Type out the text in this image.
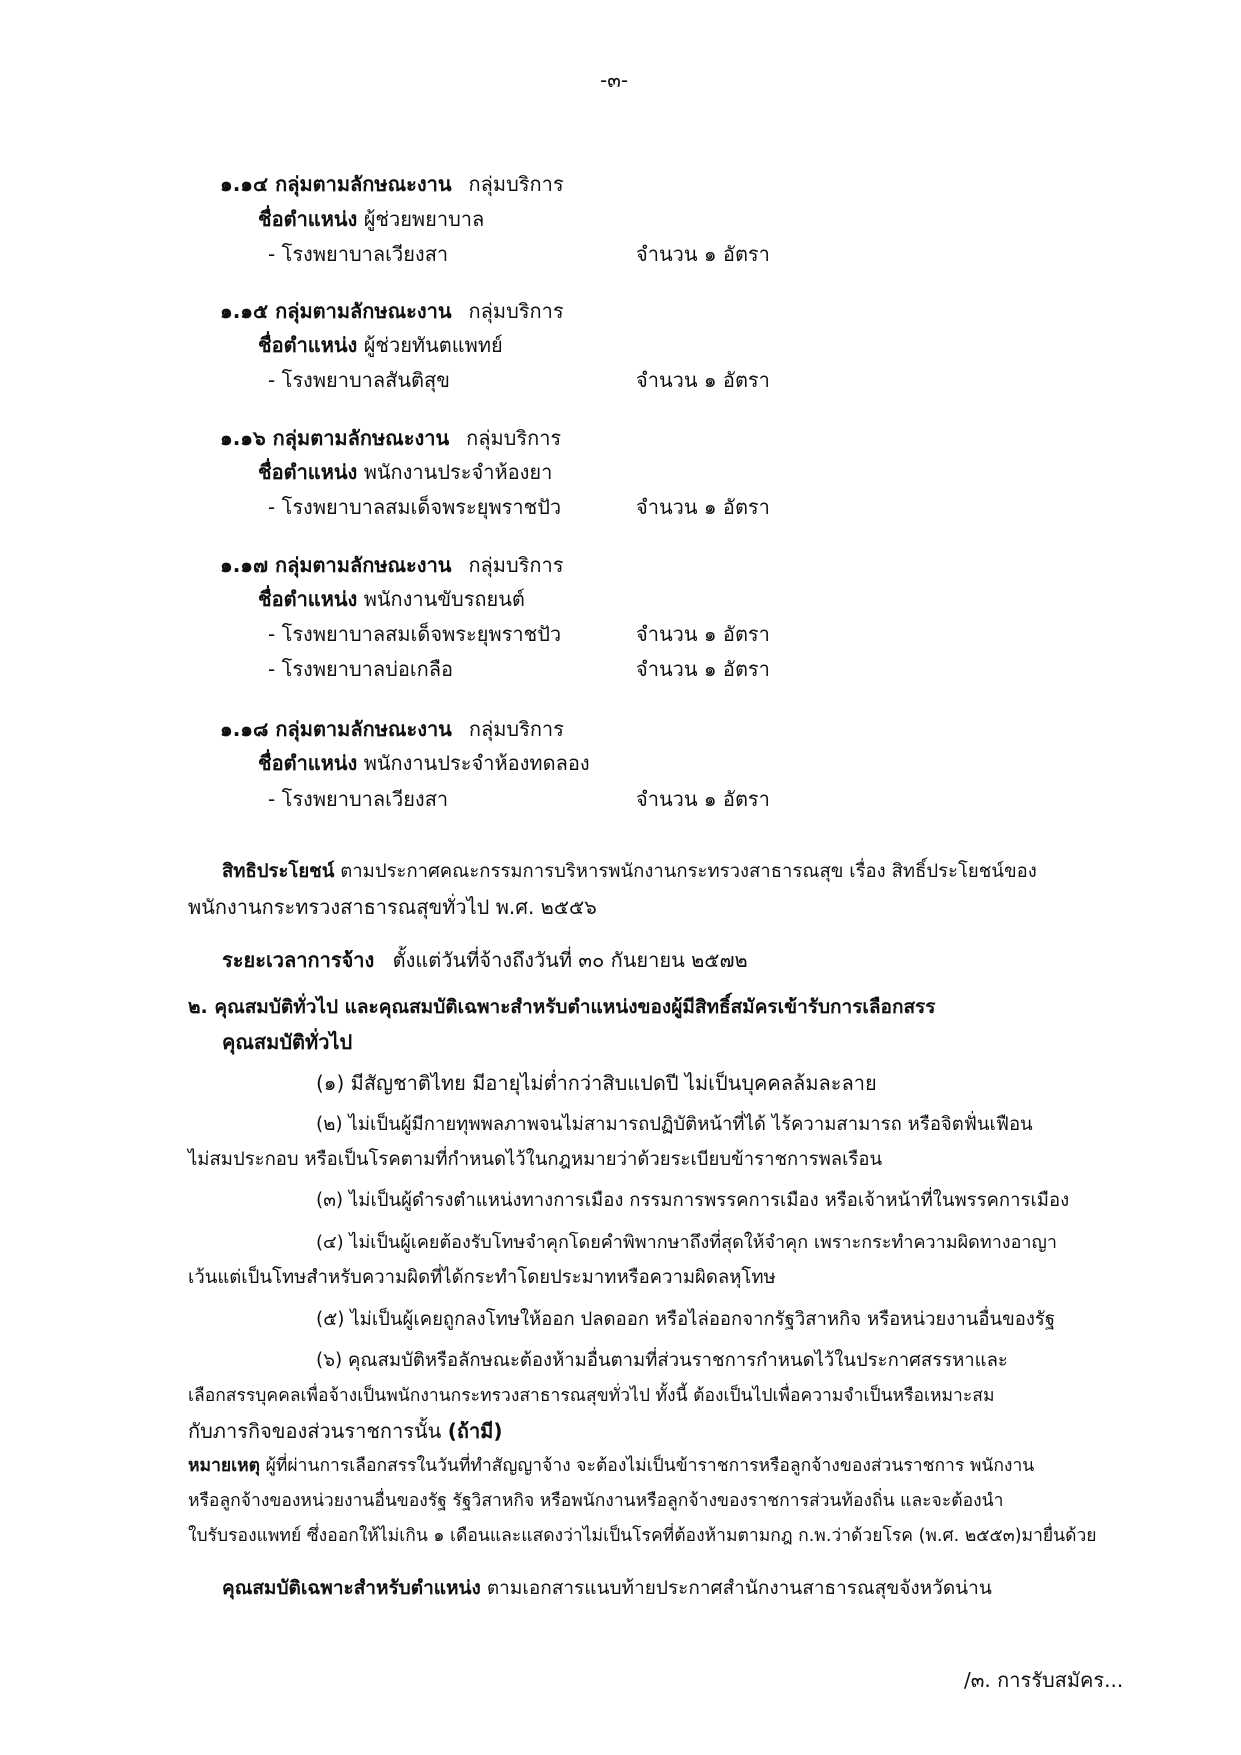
-๓-
๑.๑๔ กลุ่มตามลักษณะงาน กลุ่มบริการ
ชื่อตำแหน่ง ผู้ช่วยพยาบาล
- โรงพยาบาลเวียงสา	จำนวน ๑ อัตรา
๑.๑๕ กลุ่มตามลักษณะงาน กลุ่มบริการ
ชื่อตำแหน่ง ผู้ช่วยทันตแพทย์
- โรงพยาบาลสันติสุข	จำนวน ๑ อัตรา
๑.๑๖ กลุ่มตามลักษณะงาน กลุ่มบริการ
ชื่อตำแหน่ง พนักงานประจำห้องยา
- โรงพยาบาลสมเด็จพระยุพราชปัว	จำนวน ๑ อัตรา
๑.๑๗ กลุ่มตามลักษณะงาน กลุ่มบริการ
ชื่อตำแหน่ง พนักงานขับรถยนต์
- โรงพยาบาลสมเด็จพระยุพราชปัว	จำนวน ๑ อัตรา
- โรงพยาบาลบ่อเกลือ	จำนวน ๑ อัตรา
๑.๑๘ กลุ่มตามลักษณะงาน กลุ่มบริการ
ชื่อตำแหน่ง พนักงานประจำห้องทดลอง
- โรงพยาบาลเวียงสา	จำนวน ๑ อัตรา
สิทธิประโยชน์ ตามประกาศคณะกรรมการบริหารพนักงานกระทรวงสาธารณสุข เรื่อง สิทธิ์ประโยชน์ของ
พนักงานกระทรวงสาธารณสุขทั่วไป พ.ศ. ๒๕๕๖
ระยะเวลาการจ้าง ตั้งแต่วันที่จ้างถึงวันที่ ๓๐ กันยายน ๒๕๗๒
๒. คุณสมบัติทั่วไป และคุณสมบัติเฉพาะสำหรับตำแหน่งของผู้มีสิทธิ์สมัครเข้ารับการเลือกสรร
คุณสมบัติทั่วไป
(๑) มีสัญชาติไทย มีอายุไม่ต่ำกว่าสิบแปดปี ไม่เป็นบุคคลล้มละลาย
(๒) ไม่เป็นผู้มีกายทุพพลภาพจนไม่สามารถปฏิบัติหน้าที่ได้ ไร้ความสามารถ หรือจิตฟั่นเฟือน
ไม่สมประกอบ หรือเป็นโรคตามที่กำหนดไว้ในกฎหมายว่าด้วยระเบียบข้าราชการพลเรือน
(๓) ไม่เป็นผู้ดำรงตำแหน่งทางการเมือง กรรมการพรรคการเมือง หรือเจ้าหน้าที่ในพรรคการเมือง
(๔) ไม่เป็นผู้เคยต้องรับโทษจำคุกโดยคำพิพากษาถึงที่สุดให้จำคุก เพราะกระทำความผิดทางอาญา
เว้นแต่เป็นโทษสำหรับความผิดที่ได้กระทำโดยประมาทหรือความผิดลหุโทษ
(๕) ไม่เป็นผู้เคยถูกลงโทษให้ออก ปลดออก หรือไล่ออกจากรัฐวิสาหกิจ หรือหน่วยงานอื่นของรัฐ
(๖) คุณสมบัติหรือลักษณะต้องห้ามอื่นตามที่ส่วนราชการกำหนดไว้ในประกาศสรรหาและ
เลือกสรรบุคคลเพื่อจ้างเป็นพนักงานกระทรวงสาธารณสุขทั่วไป ทั้งนี้ ต้องเป็นไปเพื่อความจำเป็นหรือเหมาะสม
กับภารกิจของส่วนราชการนั้น (ถ้ามี)
หมายเหตุ ผู้ที่ผ่านการเลือกสรรในวันที่ทำสัญญาจ้าง จะต้องไม่เป็นข้าราชการหรือลูกจ้างของส่วนราชการ พนักงาน
หรือลูกจ้างของหน่วยงานอื่นของรัฐ รัฐวิสาหกิจ หรือพนักงานหรือลูกจ้างของราชการส่วนท้องถิ่น และจะต้องนำ
ใบรับรองแพทย์ ซึ่งออกให้ไม่เกิน ๑ เดือนและแสดงว่าไม่เป็นโรคที่ต้องห้ามตามกฎ ก.พ.ว่าด้วยโรค (พ.ศ. ๒๕๕๓)มายื่นด้วย
คุณสมบัติเฉพาะสำหรับตำแหน่ง ตามเอกสารแนบท้ายประกาศสำนักงานสาธารณสุขจังหวัดน่าน
/๓. การรับสมัคร...
